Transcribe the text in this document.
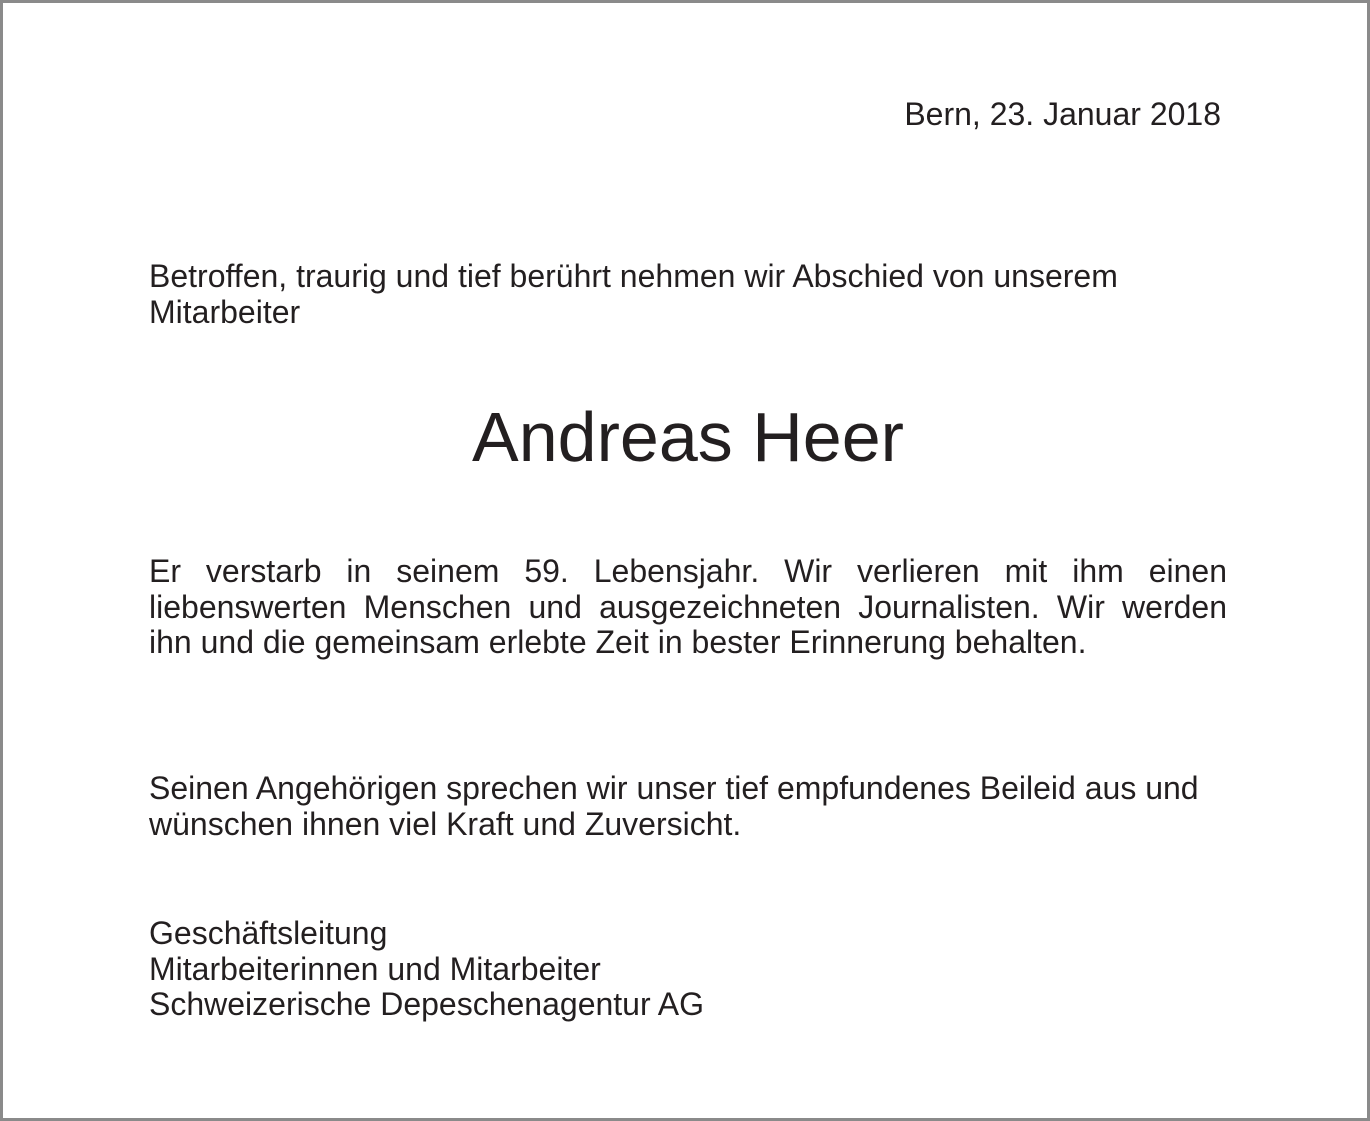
Bern, 23. Januar 2018

Betroffen, traurig und tief berührt nehmen wir Abschied von unserem Mitarbeiter

Andreas Heer

Er verstarb in seinem 59. Lebensjahr. Wir verlieren mit ihm einen liebenswerten Menschen und ausgezeichneten Journalisten. Wir werden ihn und die gemeinsam erlebte Zeit in bester Erinnerung behalten.

Seinen Angehörigen sprechen wir unser tief empfundenes Beileid aus und wünschen ihnen viel Kraft und Zuversicht.

Geschäftsleitung
Mitarbeiterinnen und Mitarbeiter
Schweizerische Depeschenagentur AG
